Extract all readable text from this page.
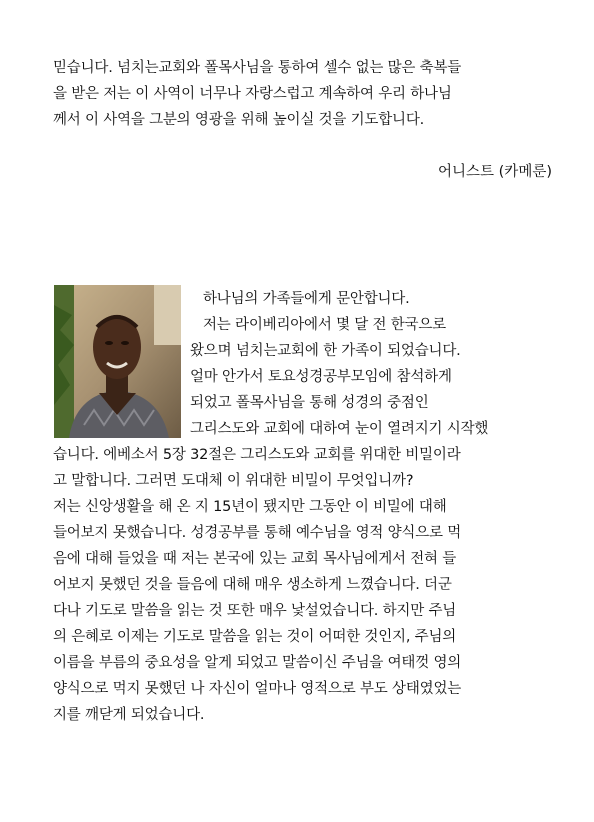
믿습니다. 넘치는교회와 폴목사님을 통하여 셀수 없는 많은 축복들
을 받은 저는 이 사역이 너무나 자랑스럽고 계속하여 우리 하나님
께서 이 사역을 그분의 영광을 위해 높이실 것을 기도합니다.
어니스트 (카메룬)
하나님의 가족들에게 문안합니다.
저는 라이베리아에서 몇 달 전 한국으로
왔으며 넘치는교회에 한 가족이 되었습니다.
얼마 안가서 토요성경공부모임에 참석하게
되었고 폴목사님을 통해 성경의 중점인
그리스도와 교회에 대하여 눈이 열려지기 시작했
습니다. 에베소서 5장 32절은 그리스도와 교회를 위대한 비밀이라
고 말합니다. 그러면 도대체 이 위대한 비밀이 무엇입니까?
저는 신앙생활을 해 온 지 15년이 됐지만 그동안 이 비밀에 대해
들어보지 못했습니다. 성경공부를 통해 예수님을 영적 양식으로 먹
음에 대해 들었을 때 저는 본국에 있는 교회 목사님에게서 전혀 들
어보지 못했던 것을 들음에 대해 매우 생소하게 느꼈습니다. 더군
다나 기도로 말씀을 읽는 것 또한 매우 낯설었습니다. 하지만 주님
의 은혜로 이제는 기도로 말씀을 읽는 것이 어떠한 것인지, 주님의
이름을 부름의 중요성을 알게 되었고 말씀이신 주님을 여태껏 영의
양식으로 먹지 못했던 나 자신이 얼마나 영적으로 부도 상태였었는
지를 깨닫게 되었습니다.
